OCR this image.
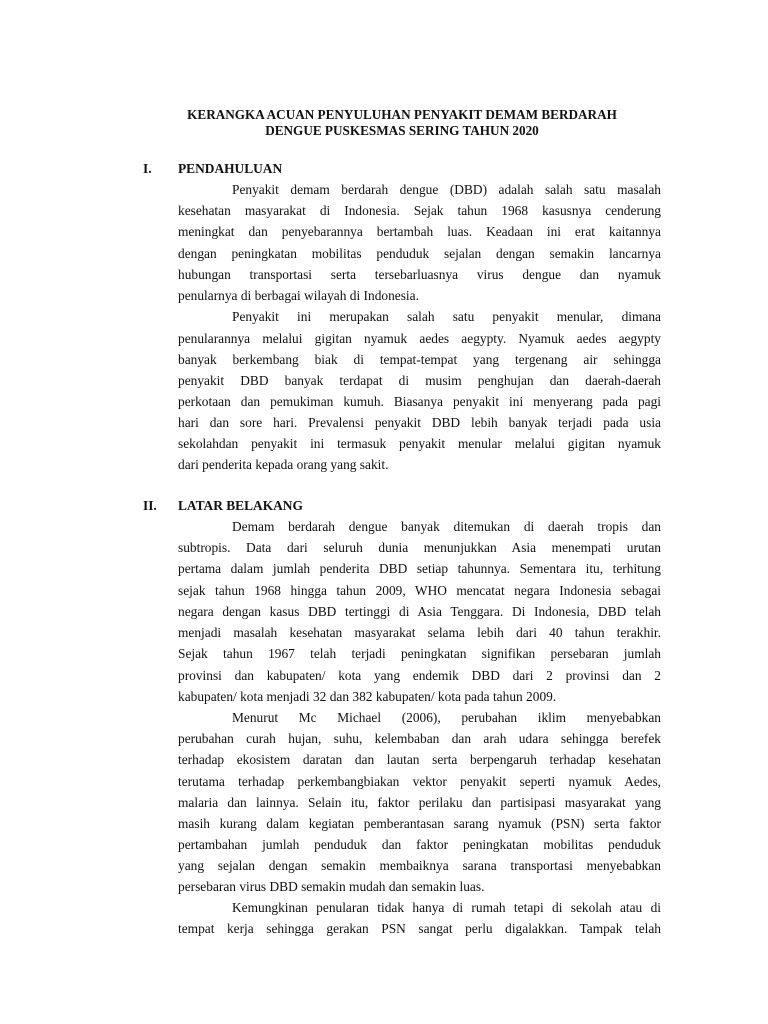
KERANGKA ACUAN PENYULUHAN PENYAKIT DEMAM BERDARAH
DENGUE PUSKESMAS SERING TAHUN 2020
I. PENDAHULUAN
Penyakit demam berdarah dengue (DBD) adalah salah satu masalah
kesehatan masyarakat di Indonesia. Sejak tahun 1968 kasusnya cenderung
meningkat dan penyebarannya bertambah luas. Keadaan ini erat kaitannya
dengan peningkatan mobilitas penduduk sejalan dengan semakin lancarnya
hubungan transportasi serta tersebarluasnya virus dengue dan nyamuk
penularnya di berbagai wilayah di Indonesia.
Penyakit ini merupakan salah satu penyakit menular, dimana
penularannya melalui gigitan nyamuk aedes aegypty. Nyamuk aedes aegypty
banyak berkembang biak di tempat-tempat yang tergenang air sehingga
penyakit DBD banyak terdapat di musim penghujan dan daerah-daerah
perkotaan dan pemukiman kumuh. Biasanya penyakit ini menyerang pada pagi
hari dan sore hari. Prevalensi penyakit DBD lebih banyak terjadi pada usia
sekolahdan penyakit ini termasuk penyakit menular melalui gigitan nyamuk
dari penderita kepada orang yang sakit.
II. LATAR BELAKANG
Demam berdarah dengue banyak ditemukan di daerah tropis dan
subtropis. Data dari seluruh dunia menunjukkan Asia menempati urutan
pertama dalam jumlah penderita DBD setiap tahunnya. Sementara itu, terhitung
sejak tahun 1968 hingga tahun 2009, WHO mencatat negara Indonesia sebagai
negara dengan kasus DBD tertinggi di Asia Tenggara. Di Indonesia, DBD telah
menjadi masalah kesehatan masyarakat selama lebih dari 40 tahun terakhir.
Sejak tahun 1967 telah terjadi peningkatan signifikan persebaran jumlah
provinsi dan kabupaten/ kota yang endemik DBD dari 2 provinsi dan 2
kabupaten/ kota menjadi 32 dan 382 kabupaten/ kota pada tahun 2009.
Menurut Mc Michael (2006), perubahan iklim menyebabkan
perubahan curah hujan, suhu, kelembaban dan arah udara sehingga berefek
terhadap ekosistem daratan dan lautan serta berpengaruh terhadap kesehatan
terutama terhadap perkembangbiakan vektor penyakit seperti nyamuk Aedes,
malaria dan lainnya. Selain itu, faktor perilaku dan partisipasi masyarakat yang
masih kurang dalam kegiatan pemberantasan sarang nyamuk (PSN) serta faktor
pertambahan jumlah penduduk dan faktor peningkatan mobilitas penduduk
yang sejalan dengan semakin membaiknya sarana transportasi menyebabkan
persebaran virus DBD semakin mudah dan semakin luas.
Kemungkinan penularan tidak hanya di rumah tetapi di sekolah atau di
tempat kerja sehingga gerakan PSN sangat perlu digalakkan. Tampak telah
